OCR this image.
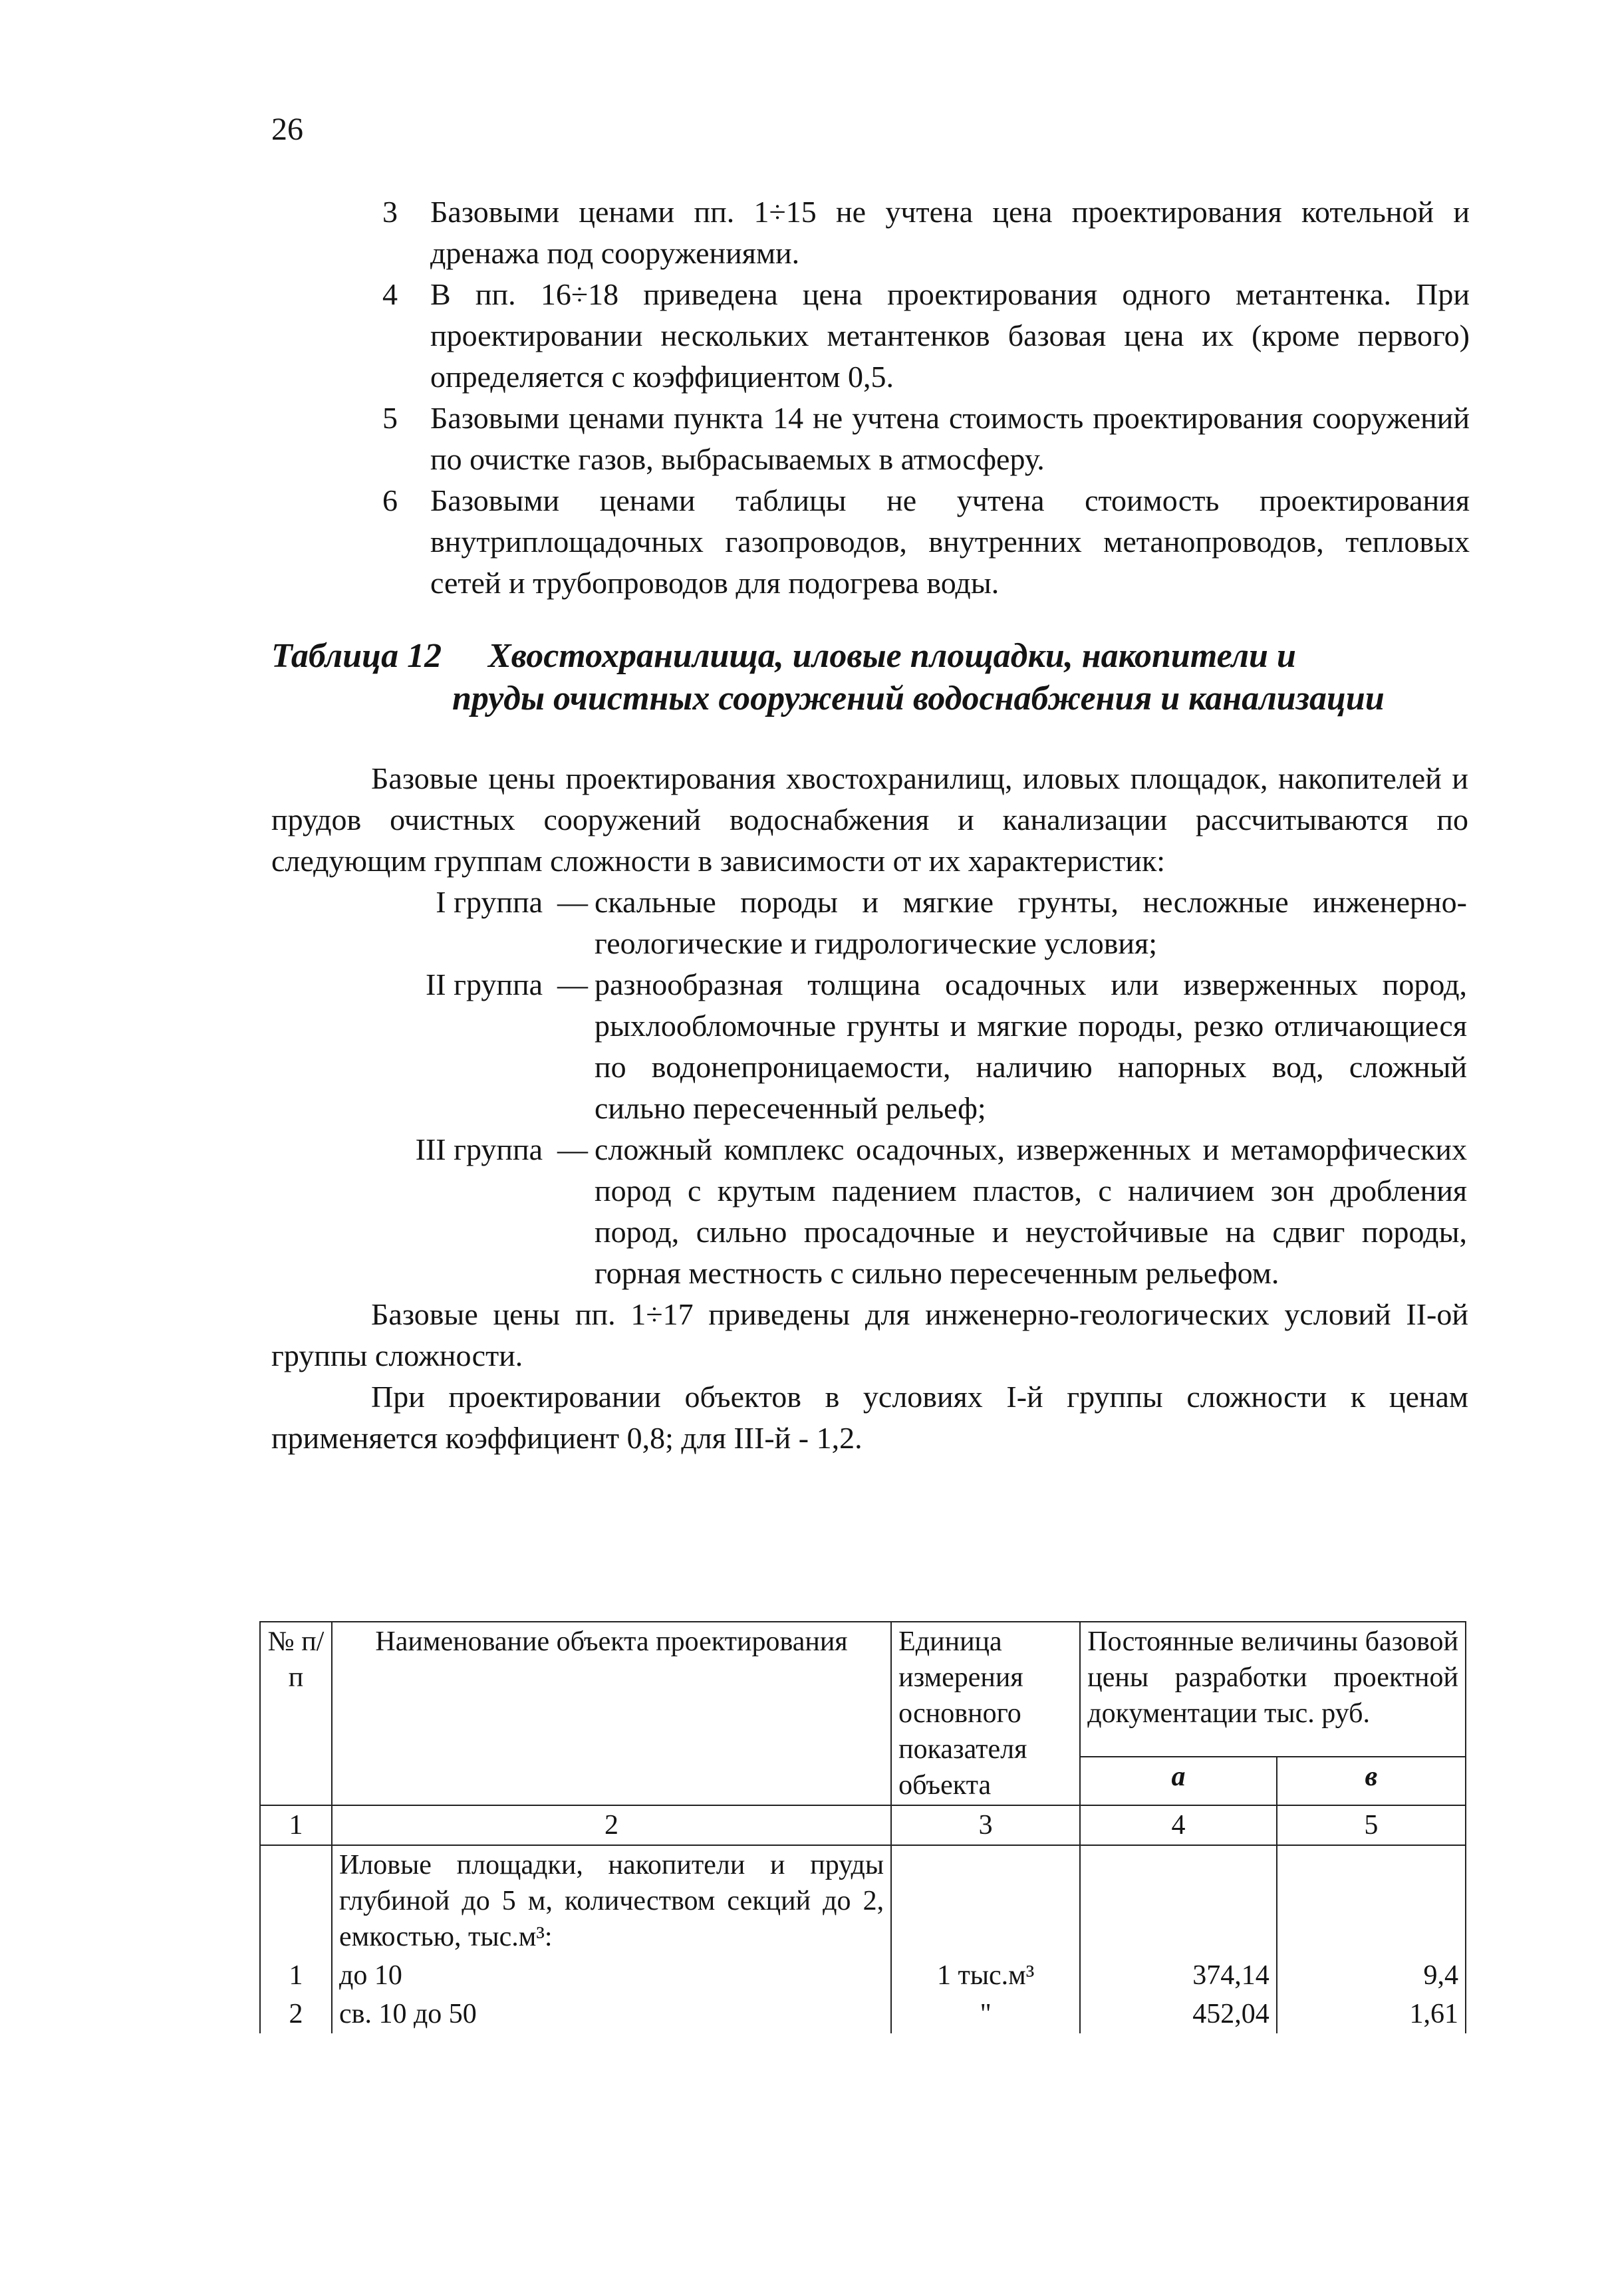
26
3	Базовыми ценами пп. 1÷15 не учтена цена проектирования котельной и дренажа под сооружениями.
4	В пп. 16÷18 приведена цена проектирования одного метантенка. При проектировании нескольких метантенков базовая цена их (кроме первого) определяется с коэффициентом 0,5.
5	Базовыми ценами пункта 14 не учтена стоимость проектирования сооружений по очистке газов, выбрасываемых в атмосферу.
6	Базовыми ценами таблицы не учтена стоимость проектирования внутриплощадочных газопроводов, внутренних метанопроводов, тепловых сетей и трубопроводов для подогрева воды.
Таблица 12 Хвостохранилища, иловые площадки, накопители и
пруды очистных сооружений водоснабжения и канализации

Базовые цены проектирования хвостохранилищ, иловых площадок, накопителей и прудов очистных сооружений водоснабжения и канализации рассчитываются по следующим группам сложности в зависимости от их характеристик:

I группа — скальные породы и мягкие грунты, несложные инженерно-геологические и гидрологические условия;
II группа — разнообразная толщина осадочных или изверженных пород, рыхлообломочные грунты и мягкие породы, резко отличающиеся по водонепроницаемости, наличию напорных вод, сложный сильно пересеченный рельеф;
III группа — сложный комплекс осадочных, изверженных и метаморфических пород с крутым падением пластов, с наличием зон дробления пород, сильно просадочные и неустойчивые на сдвиг породы, горная местность с сильно пересеченным рельефом.

Базовые цены пп. 1÷17 приведены для инженерно-геологических условий II-ой группы сложности.

При проектировании объектов в условиях I-й группы сложности к ценам применяется коэффициент 0,8; для III-й - 1,2.

№ п/п	Наименование объекта проектирования	Единица измерения основного показателя объекта	Постоянные величины базовой цены разработки проектной документации тыс. руб.	
			а	в
1	2	3	4	5
	Иловые площадки, накопители и пруды глубиной до 5 м, количеством секций до 2, емкостью, тыс.м³:			
1	до 10	1 тыс.м³	374,14	9,4
2	св. 10 до 50	"	452,04	1,61
